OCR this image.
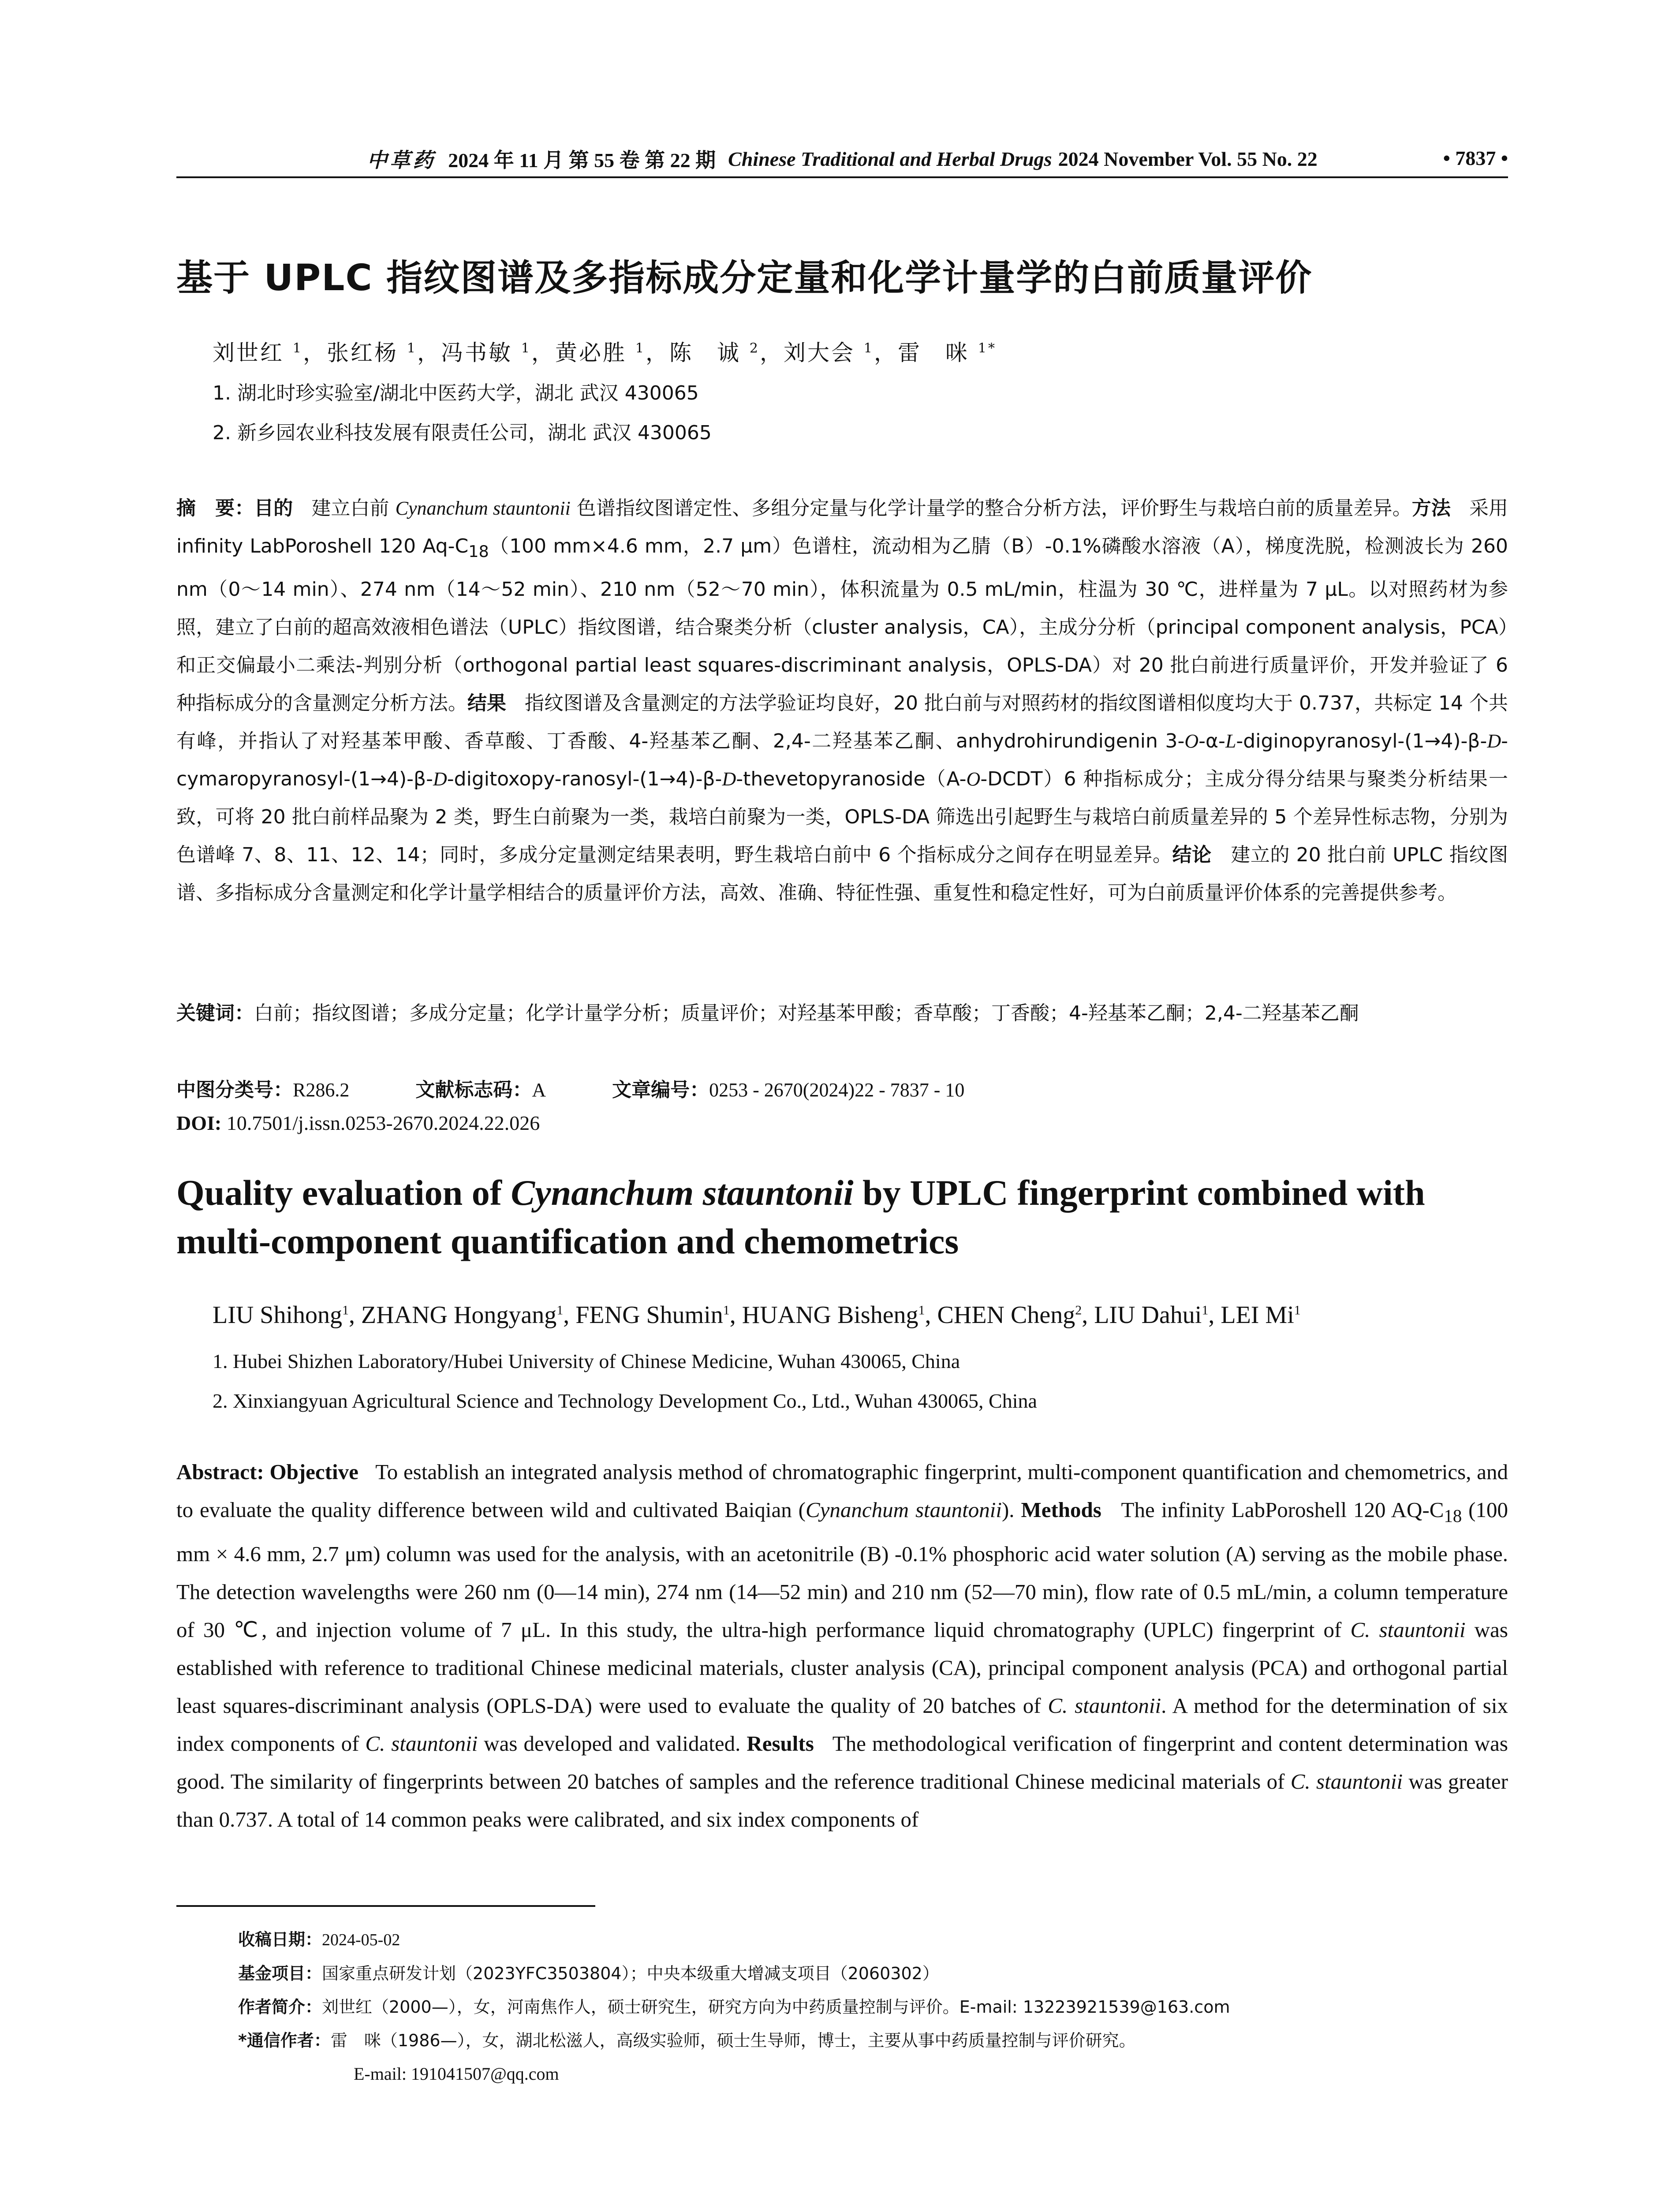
中草药 2024 年 11 月 第 55 卷 第 22 期 Chinese Traditional and Herbal Drugs 2024 November Vol. 55 No. 22	• 7837 •
基于 UPLC 指纹图谱及多指标成分定量和化学计量学的白前质量评价
刘世红 $^1$，张红杨 $^1$，冯书敏 $^1$，黄必胜 $^1$，陈　诚 $^2$，刘大会 $^1$，雷　咪 $^{1*}$
1. 湖北时珍实验室/湖北中医药大学，湖北 武汉 430065
2. 新乡园农业科技发展有限责任公司，湖北 武汉 430065
摘　要：目的 建立白前 Cynanchum stauntonii 色谱指纹图谱定性、多组分定量与化学计量学的整合分析方法，评价野生与栽培白前的质量差异。方法 采用 infinity LabPoroshell 120 $Aq-C_{18}(100$ mm×4.6 mm，2.7 μm）色谱柱，流动相为乙腈（B）-0.1%磷酸水溶液（A），梯度洗脱，检测波长为 260 nm（0～14 min）、274 nm（14～52 min）、210 nm（52～70 min），体积流量为 0.5 mL/min，柱温为 30 ℃，进样量为 7 μL。以对照药材为参照，建立了白前的超高效液相色谱法（UPLC）指纹图谱，结合聚类分析（cluster analysis，CA），主成分分析（principal component analysis，PCA）和正交偏最小二乘法-判别分析（orthogonal partial least squares-discriminant analysis，OPLS-DA）对 20 批白前进行质量评价，开发并验证了 6 种指标成分的含量测定分析方法。结果 指纹图谱及含量测定的方法学验证均良好，20 批白前与对照药材的指纹图谱相似度均大于 0.737，共标定 14 个共有峰，并指认了对羟基苯甲酸、香草酸、丁香酸、4-羟基苯乙酮、2,4-二羟基苯乙酮、anhydrohirundigenin 3-O-α-L-diginopyranosyl-(1→4)-β-D-cymaropyranosyl-(1→4)-β-D-digitoxopy-ranosyl-(1→4)-β-D-thevetopyranoside（A-O-DCDT）6 种指标成分；主成分得分结果与聚类分析结果一致，可将 20 批白前样品聚为 2 类，野生白前聚为一类，栽培白前聚为一类，OPLS-DA 筛选出引起野生与栽培白前质量差异的 5 个差异性标志物，分别为色谱峰 7、8、11、12、14；同时，多成分定量测定结果表明，野生栽培白前中 6 个指标成分之间存在明显差异。结论 建立的 20 批白前 UPLC 指纹图谱、多指标成分含量测定和化学计量学相结合的质量评价方法，高效、准确、特征性强、重复性和稳定性好，可为白前质量评价体系的完善提供参考。
关键词：白前；指纹图谱；多成分定量；化学计量学分析；质量评价；对羟基苯甲酸；香草酸；丁香酸；4-羟基苯乙酮；2,4-二羟基苯乙酮
中图分类号：R286.2	文献标志码：A	文章编号：0253 - 2670(2024)22 - 7837 - 10
DOI: 10.7501/j.issn.0253-2670.2024.22.026
Quality evaluation of Cynanchum stauntonii by UPLC fingerprint combined with multi-component quantification and chemometrics
LIU Shihong$^1$, ZHANG Hongyang$^1$, FENG Shumin$^1$, HUANG Bisheng$^1$, CHEN Cheng$^2$, LIU Dahui$^1$, LEI Mi$^1$
1. Hubei Shizhen Laboratory/Hubei University of Chinese Medicine, Wuhan 430065, China
2. Xinxiangyuan Agricultural Science and Technology Development Co., Ltd., Wuhan 430065, China
Abstract: Objective   To establish an integrated analysis method of chromatographic fingerprint, multi-component quantification and chemometrics, and to evaluate the quality difference between wild and cultivated Baiqian (Cynanchum stauntonii). Methods   The infinity LabPoroshell 120 $AQ-C_{18}$ (100 mm × 4.6 mm, 2.7 μm) column was used for the analysis, with an acetonitrile (B) -0.1% phosphoric acid water solution (A) serving as the mobile phase. The detection wavelengths were 260 nm (0—14 min), 274 nm (14—52 min) and 210 nm (52—70 min), flow rate of 0.5 mL/min, a column temperature of 30 ℃, and injection volume of 7 μL. In this study, the ultra-high performance liquid chromatography (UPLC) fingerprint of C. stauntonii was established with reference to traditional Chinese medicinal materials, cluster analysis (CA), principal component analysis (PCA) and orthogonal partial least squares-discriminant analysis (OPLS-DA) were used to evaluate the quality of 20 batches of C. stauntonii. A method for the determination of six index components of C. stauntonii was developed and validated. Results   The methodological verification of fingerprint and content determination was good. The similarity of fingerprints between 20 batches of samples and the reference traditional Chinese medicinal materials of C. stauntonii was greater than 0.737. A total of 14 common peaks were calibrated, and six index components of
收稿日期：2024-05-02
基金项目：国家重点研发计划（2023YFC3503804）；中央本级重大增减支项目（2060302）
作者简介：刘世红（2000—），女，河南焦作人，硕士研究生，研究方向为中药质量控制与评价。E-mail: 13223921539@163.com
*通信作者：雷　咪（1986—），女，湖北松滋人，高级实验师，硕士生导师，博士，主要从事中药质量控制与评价研究。
E-mail: 191041507@qq.com
